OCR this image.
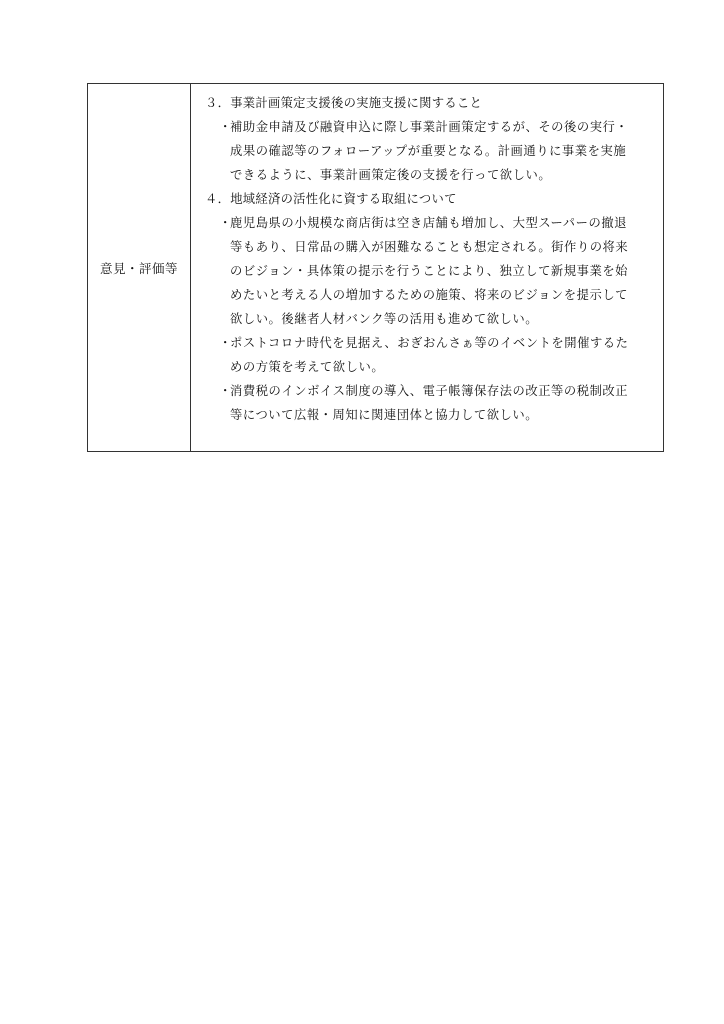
意見・評価等
３．事業計画策定支援後の実施支援に関すること
・
補助金申請及び融資申込に際し事業計画策定するが、その後の実行・
成果の確認等のフォローアップが重要となる。計画通りに事業を実施
できるように、事業計画策定後の支援を行って欲しい。
４．地域経済の活性化に資する取組について
・
鹿児島県の小規模な商店街は空き店舗も増加し、大型スーパーの撤退
等もあり、日常品の購入が困難なることも想定される。街作りの将来
のビジョン・具体策の提示を行うことにより、独立して新規事業を始
めたいと考える人の増加するための施策、将来のビジョンを提示して
欲しい。後継者人材バンク等の活用も進めて欲しい。
・
ポストコロナ時代を見据え、おぎおんさぁ等のイベントを開催するた
めの方策を考えて欲しい。
・
消費税のインボイス制度の導入、電子帳簿保存法の改正等の税制改正
等について広報・周知に関連団体と協力して欲しい。
